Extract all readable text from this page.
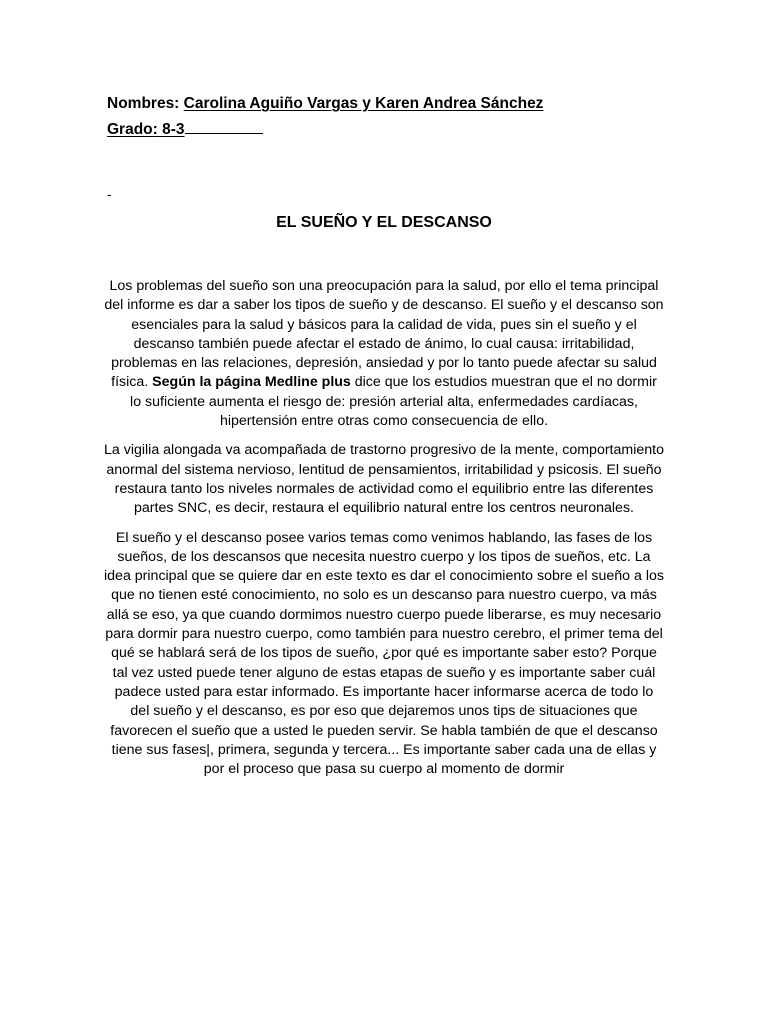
Nombres: Carolina Aguiño Vargas y Karen Andrea Sánchez
Grado: 8-3
-
EL SUEÑO Y EL DESCANSO

Los problemas del sueño son una preocupación para la salud, por ello el tema principal del informe es dar a saber los tipos de sueño y de descanso. El sueño y el descanso son esenciales para la salud y básicos para la calidad de vida, pues sin el sueño y el descanso también puede afectar el estado de ánimo, lo cual causa: irritabilidad, problemas en las relaciones, depresión, ansiedad y por lo tanto puede afectar su salud física. Según la página Medline plus dice que los estudios muestran que el no dormir lo suficiente aumenta el riesgo de: presión arterial alta, enfermedades cardíacas, hipertensión entre otras como consecuencia de ello.

La vigilia alongada va acompañada de trastorno progresivo de la mente, comportamiento anormal del sistema nervioso, lentitud de pensamientos, irritabilidad y psicosis. El sueño restaura tanto los niveles normales de actividad como el equilibrio entre las diferentes partes SNC, es decir, restaura el equilibrio natural entre los centros neuronales.

El sueño y el descanso posee varios temas como venimos hablando, las fases de los sueños, de los descansos que necesita nuestro cuerpo y los tipos de sueños, etc. La idea principal que se quiere dar en este texto es dar el conocimiento sobre el sueño a los que no tienen esté conocimiento, no solo es un descanso para nuestro cuerpo, va más allá se eso, ya que cuando dormimos nuestro cuerpo puede liberarse, es muy necesario para dormir para nuestro cuerpo, como también para nuestro cerebro, el primer tema del qué se hablará será de los tipos de sueño, ¿por qué es importante saber esto? Porque tal vez usted puede tener alguno de estas etapas de sueño y es importante saber cuál padece usted para estar informado. Es importante hacer informarse acerca de todo lo del sueño y el descanso, es por eso que dejaremos unos tips de situaciones que favorecen el sueño que a usted le pueden servir. Se habla también de que el descanso tiene sus fases|, primera, segunda y tercera... Es importante saber cada una de ellas y por el proceso que pasa su cuerpo al momento de dormir
